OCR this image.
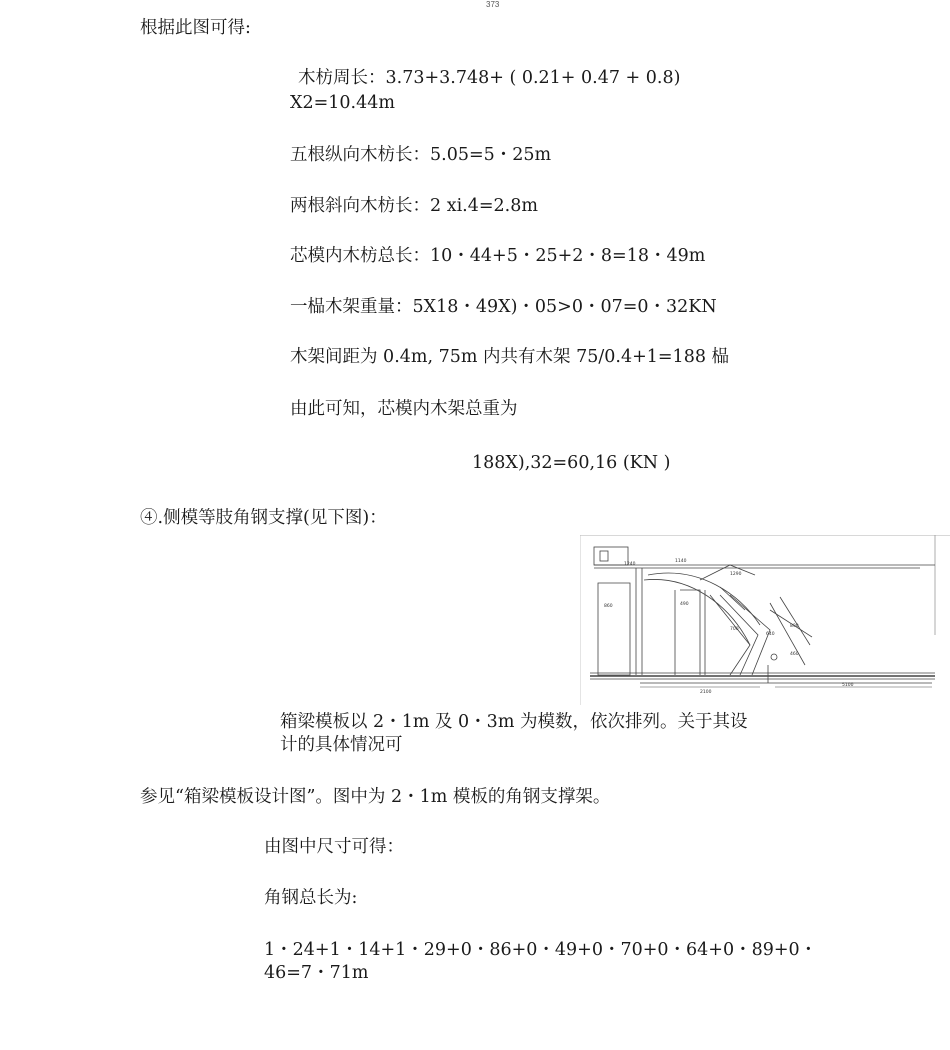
373
根据此图可得:
木枋周长：3.73+3.748+ ( 0.21+ 0.47 + 0.8)
X2=10.44m
五根纵向木枋长：5.05=5・25m
两根斜向木枋长：2 xi.4=2.8m
芯模内木枋总长：10・44+5・25+2・8=18・49m
一榀木架重量：5X18・49X)・05>0・07=0・32KN
木架间距为 0.4m, 75m 内共有木架 75/0.4+1=188 榀
由此可知，芯模内木架总重为
188X),32=60,16 (KN )
④.侧模等肢角钢支撑(见下图)：
1240
1140
1290
860	490
700
640
890
460
2100
5100
箱梁模板以 2・1m 及 0・3m 为模数，依次排列。关于其设
计的具体情况可
参见“箱梁模板设计图”。图中为 2・1m 模板的角钢支撑架。
由图中尺寸可得：
角钢总长为:
1・24+1・14+1・29+0・86+0・49+0・70+0・64+0・89+0・
46=7・71m
